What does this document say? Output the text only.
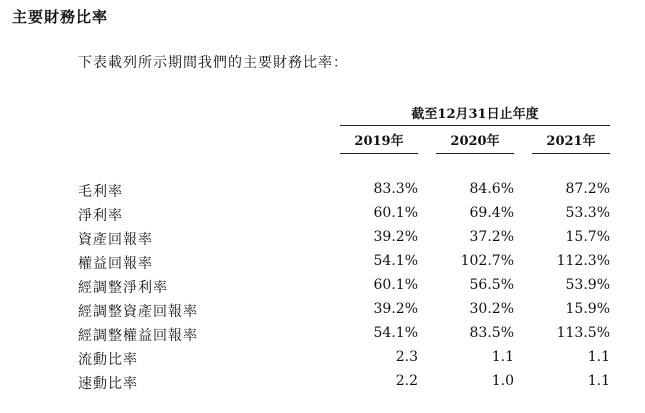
主要財務比率
下表載列所示期間我們的主要財務比率：
截至12月31日止年度
2019年	2020年	2021年
毛利率	83.3%	84.6%	87.2%
淨利率	60.1%	69.4%	53.3%
資產回報率	39.2%	37.2%	15.7%
權益回報率	54.1%	102.7%	112.3%
經調整淨利率	60.1%	56.5%	53.9%
經調整資產回報率	39.2%	30.2%	15.9%
經調整權益回報率	54.1%	83.5%	113.5%
流動比率	2.3	1.1	1.1
速動比率	2.2	1.0	1.1
